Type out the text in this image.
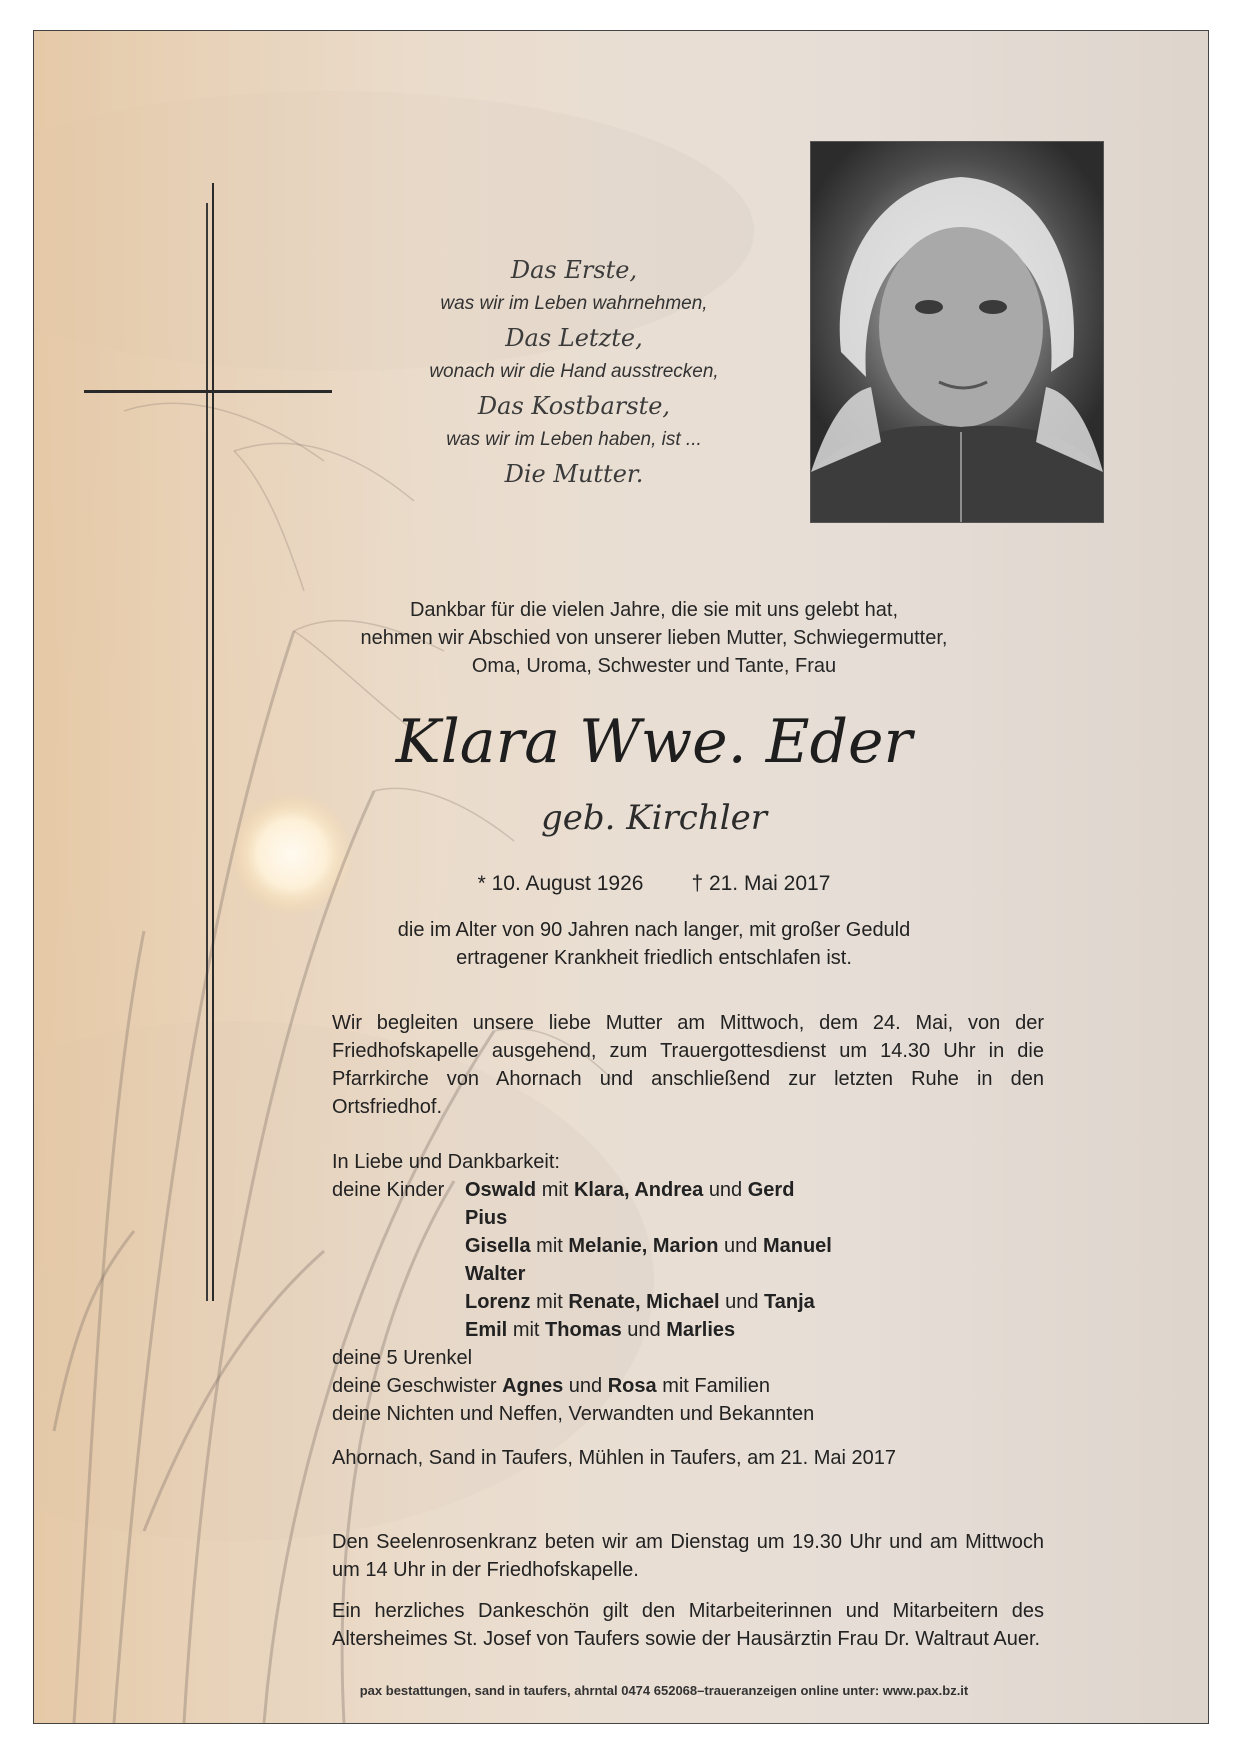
Das Erste,
was wir im Leben wahrnehmen,
Das Letzte,
wonach wir die Hand ausstrecken,
Das Kostbarste,
was wir im Leben haben, ist ...
Die Mutter.
Dankbar für die vielen Jahre, die sie mit uns gelebt hat,
nehmen wir Abschied von unserer lieben Mutter, Schwiegermutter,
Oma, Uroma, Schwester und Tante, Frau
Klara Wwe. Eder
geb. Kirchler
* 10. August 1926 † 21. Mai 2017
die im Alter von 90 Jahren nach langer, mit großer Geduld
ertragener Krankheit friedlich entschlafen ist.
Wir begleiten unsere liebe Mutter am Mittwoch, dem 24. Mai, von der Friedhofskapelle ausgehend, zum Trauergottesdienst um 14.30 Uhr in die Pfarrkirche von Ahornach und anschließend zur letzten Ruhe in den Ortsfriedhof.
In Liebe und Dankbarkeit:
deine Kinder	Oswald mit Klara, Andrea und Gerd
Pius
Gisella mit Melanie, Marion und Manuel
Walter
Lorenz mit Renate, Michael und Tanja
Emil mit Thomas und Marlies
deine 5 Urenkel
deine Geschwister Agnes und Rosa mit Familien
deine Nichten und Neffen, Verwandten und Bekannten
Ahornach, Sand in Taufers, Mühlen in Taufers, am 21. Mai 2017
Den Seelenrosenkranz beten wir am Dienstag um 19.30 Uhr und am Mittwoch um 14 Uhr in der Friedhofskapelle.
Ein herzliches Dankeschön gilt den Mitarbeiterinnen und Mitarbeitern des Altersheimes St. Josef von Taufers sowie der Hausärztin Frau Dr. Waltraut Auer.
pax bestattungen, sand in taufers, ahrntal 0474 652068–traueranzeigen online unter: www.pax.bz.it
